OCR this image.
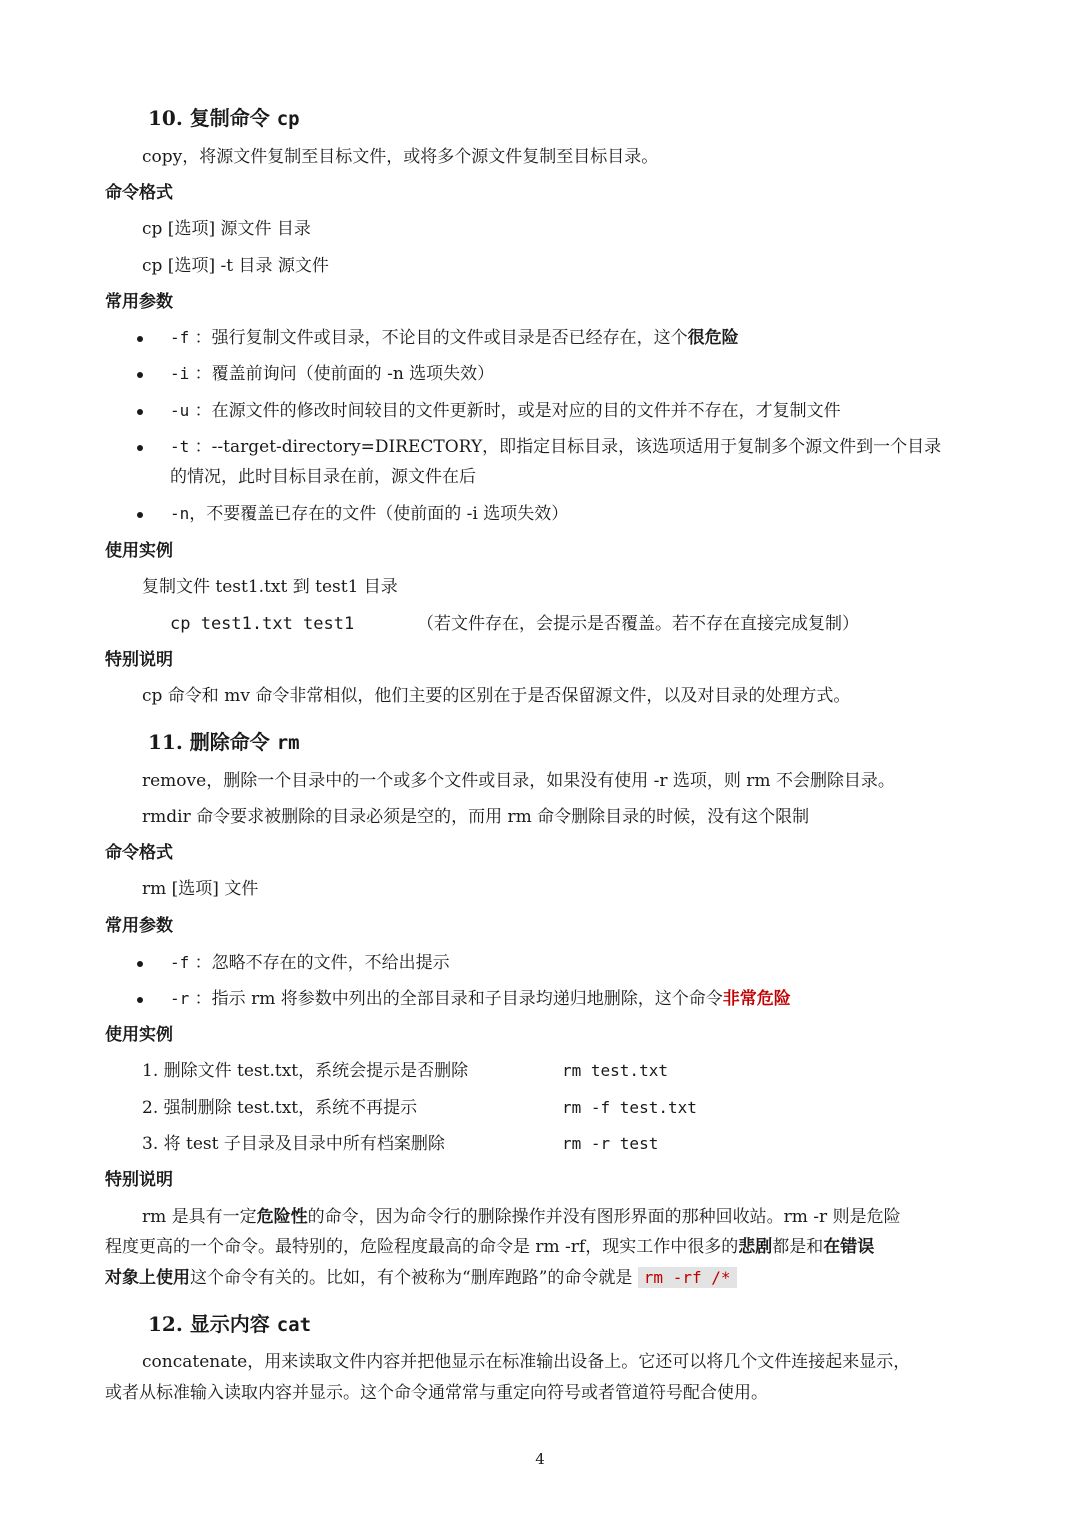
10. 复制命令 cp
copy，将源文件复制至目标文件，或将多个源文件复制至目标目录。
命令格式
cp [选项] 源文件 目录
cp [选项] -t 目录 源文件
常用参数
-f ：强行复制文件或目录，不论目的文件或目录是否已经存在，这个很危险
-i ：覆盖前询问（使前面的 -n 选项失效）
-u ：在源文件的修改时间较目的文件更新时，或是对应的目的文件并不存在，才复制文件
-t ：--target-directory=DIRECTORY，即指定目标目录，该选项适用于复制多个源文件到一个目录
的情况，此时目标目录在前，源文件在后
-n，不要覆盖已存在的文件（使前面的 -i 选项失效）
使用实例
复制文件 test1.txt 到 test1 目录
cp test1.txt test1	（若文件存在，会提示是否覆盖。若不存在直接完成复制）
特别说明
cp 命令和 mv 命令非常相似，他们主要的区别在于是否保留源文件，以及对目录的处理方式。
11. 删除命令 rm
remove，删除一个目录中的一个或多个文件或目录，如果没有使用 -r 选项，则 rm 不会删除目录。
rmdir 命令要求被删除的目录必须是空的，而用 rm 命令删除目录的时候，没有这个限制
命令格式
rm [选项] 文件
常用参数
-f ：忽略不存在的文件，不给出提示
-r ：指示 rm 将参数中列出的全部目录和子目录均递归地删除，这个命令非常危险
使用实例
1. 删除文件 test.txt，系统会提示是否删除	rm test.txt
2. 强制删除 test.txt，系统不再提示	rm -f test.txt
3. 将 test 子目录及目录中所有档案删除	rm -r test
特别说明
rm 是具有一定危险性的命令，因为命令行的删除操作并没有图形界面的那种回收站。rm -r 则是危险
程度更高的一个命令。最特别的，危险程度最高的命令是 rm -rf，现实工作中很多的悲剧都是和在错误
对象上使用这个命令有关的。比如，有个被称为“删库跑路”的命令就是 rm -rf /*
12. 显示内容 cat
concatenate，用来读取文件内容并把他显示在标准输出设备上。它还可以将几个文件连接起来显示，
或者从标准输入读取内容并显示。这个命令通常常与重定向符号或者管道符号配合使用。
4
